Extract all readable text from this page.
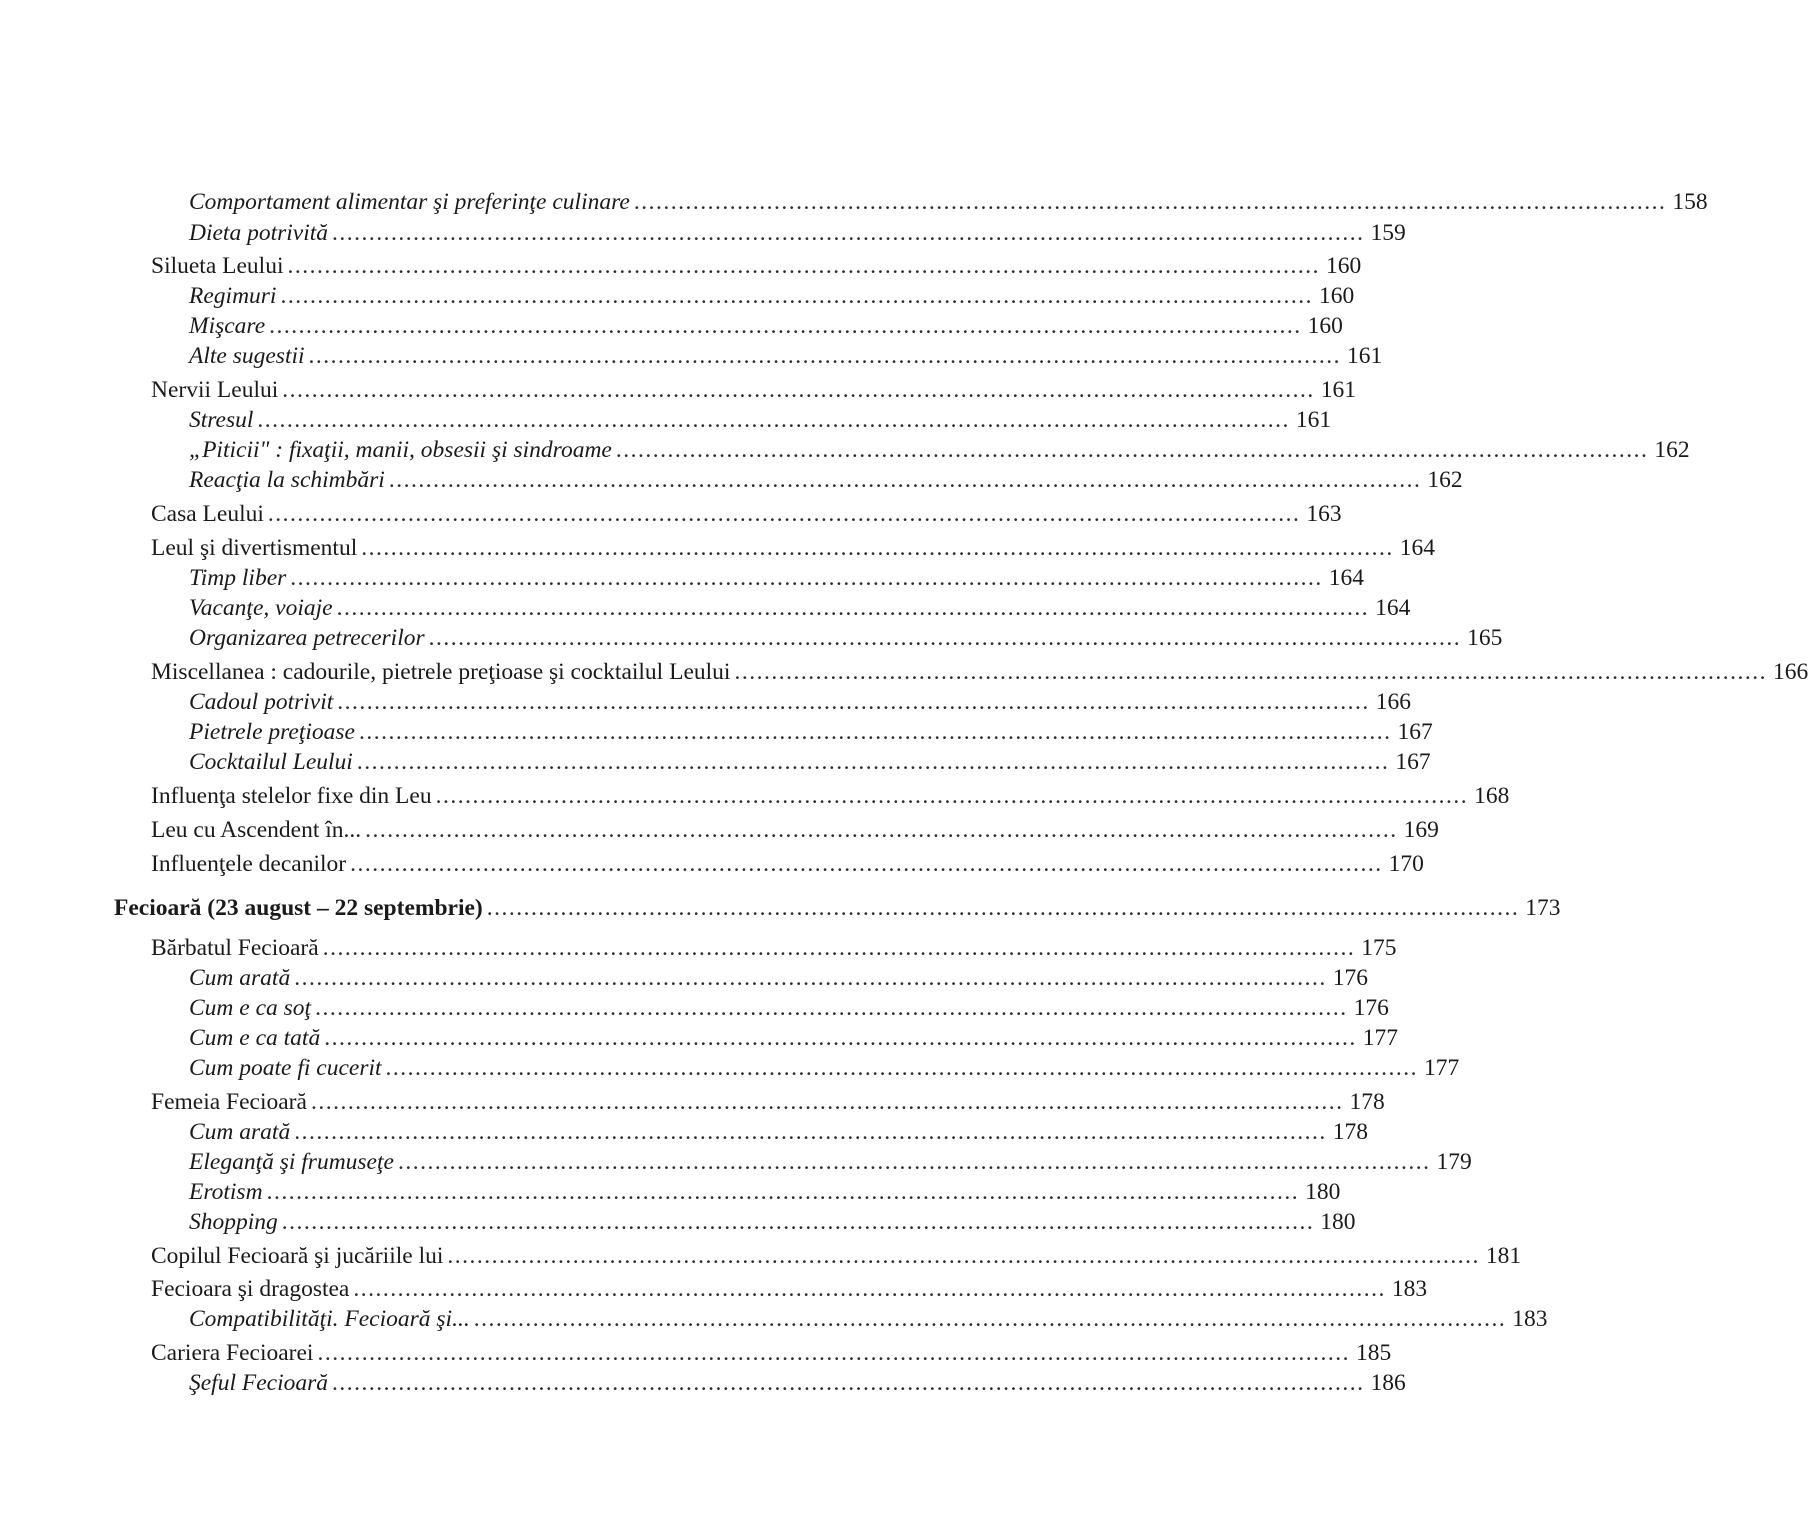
Comportament alimentar şi preferinţe culinare ............................................................................................................................................ 158
Dieta potrivită ............................................................................................................................................ 159
Silueta Leului ............................................................................................................................................ 160
Regimuri ............................................................................................................................................ 160
Mişcare ............................................................................................................................................ 160
Alte sugestii ............................................................................................................................................ 161
Nervii Leului ............................................................................................................................................ 161
Stresul ............................................................................................................................................ 161
„Piticii" : fixaţii, manii, obsesii şi sindroame ............................................................................................................................................ 162
Reacţia la schimbări ............................................................................................................................................ 162
Casa Leului ............................................................................................................................................ 163
Leul şi divertismentul ............................................................................................................................................ 164
Timp liber ............................................................................................................................................ 164
Vacanţe, voiaje ............................................................................................................................................ 164
Organizarea petrecerilor ............................................................................................................................................ 165
Miscellanea : cadourile, pietrele preţioase şi cocktailul Leului ............................................................................................................................................ 166
Cadoul potrivit ............................................................................................................................................ 166
Pietrele preţioase ............................................................................................................................................ 167
Cocktailul Leului ............................................................................................................................................ 167
Influenţa stelelor fixe din Leu ............................................................................................................................................ 168
Leu cu Ascendent în... ............................................................................................................................................ 169
Influenţele decanilor ............................................................................................................................................ 170
Fecioară (23 august – 22 septembrie) ............................................................................................................................................ 173
Bărbatul Fecioară ............................................................................................................................................ 175
Cum arată ............................................................................................................................................ 176
Cum e ca soţ ............................................................................................................................................ 176
Cum e ca tată ............................................................................................................................................ 177
Cum poate fi cucerit ............................................................................................................................................ 177
Femeia Fecioară ............................................................................................................................................ 178
Cum arată ............................................................................................................................................ 178
Eleganţă şi frumuseţe ............................................................................................................................................ 179
Erotism ............................................................................................................................................ 180
Shopping ............................................................................................................................................ 180
Copilul Fecioară şi jucăriile lui ............................................................................................................................................ 181
Fecioara şi dragostea ............................................................................................................................................ 183
Compatibilităţi. Fecioară şi... ............................................................................................................................................ 183
Cariera Fecioarei ............................................................................................................................................ 185
Şeful Fecioară ............................................................................................................................................ 186
